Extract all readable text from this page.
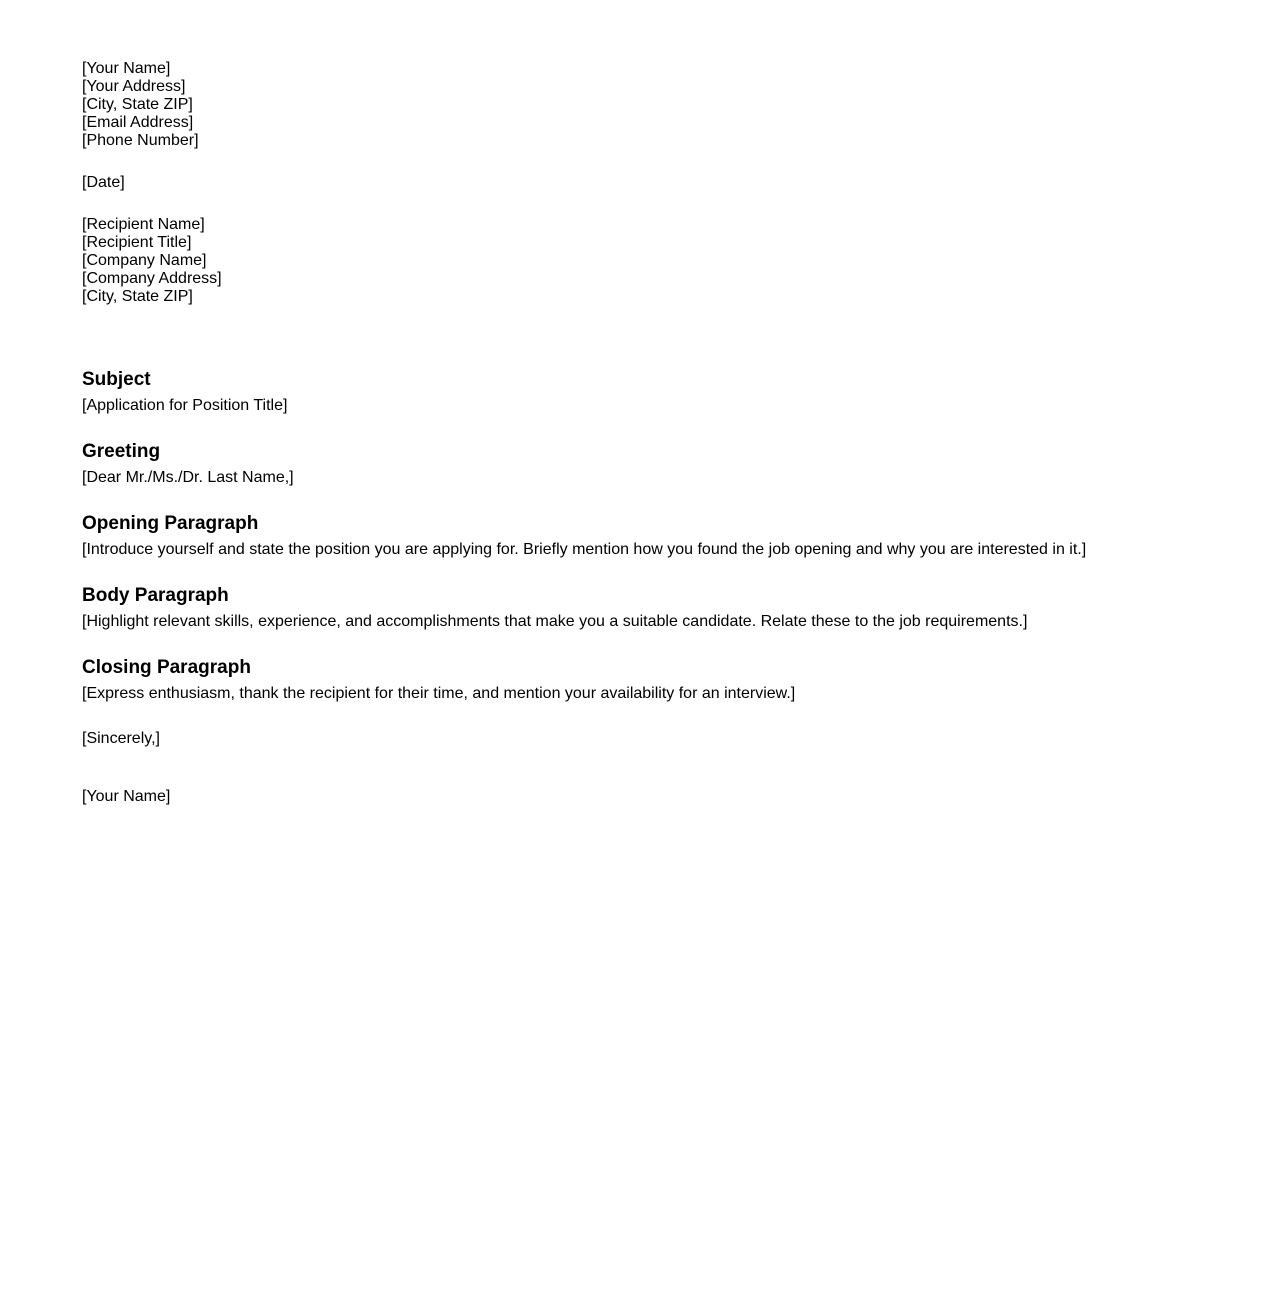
[Your Name]
[Your Address]
[City, State ZIP]
[Email Address]
[Phone Number]
[Date]
[Recipient Name]
[Recipient Title]
[Company Name]
[Company Address]
[City, State ZIP]
Subject
[Application for Position Title]
Greeting
[Dear Mr./Ms./Dr. Last Name,]
Opening Paragraph
[Introduce yourself and state the position you are applying for. Briefly mention how you found the job opening and why you are interested in it.]
Body Paragraph
[Highlight relevant skills, experience, and accomplishments that make you a suitable candidate. Relate these to the job requirements.]
Closing Paragraph
[Express enthusiasm, thank the recipient for their time, and mention your availability for an interview.]
[Sincerely,]
[Your Name]
